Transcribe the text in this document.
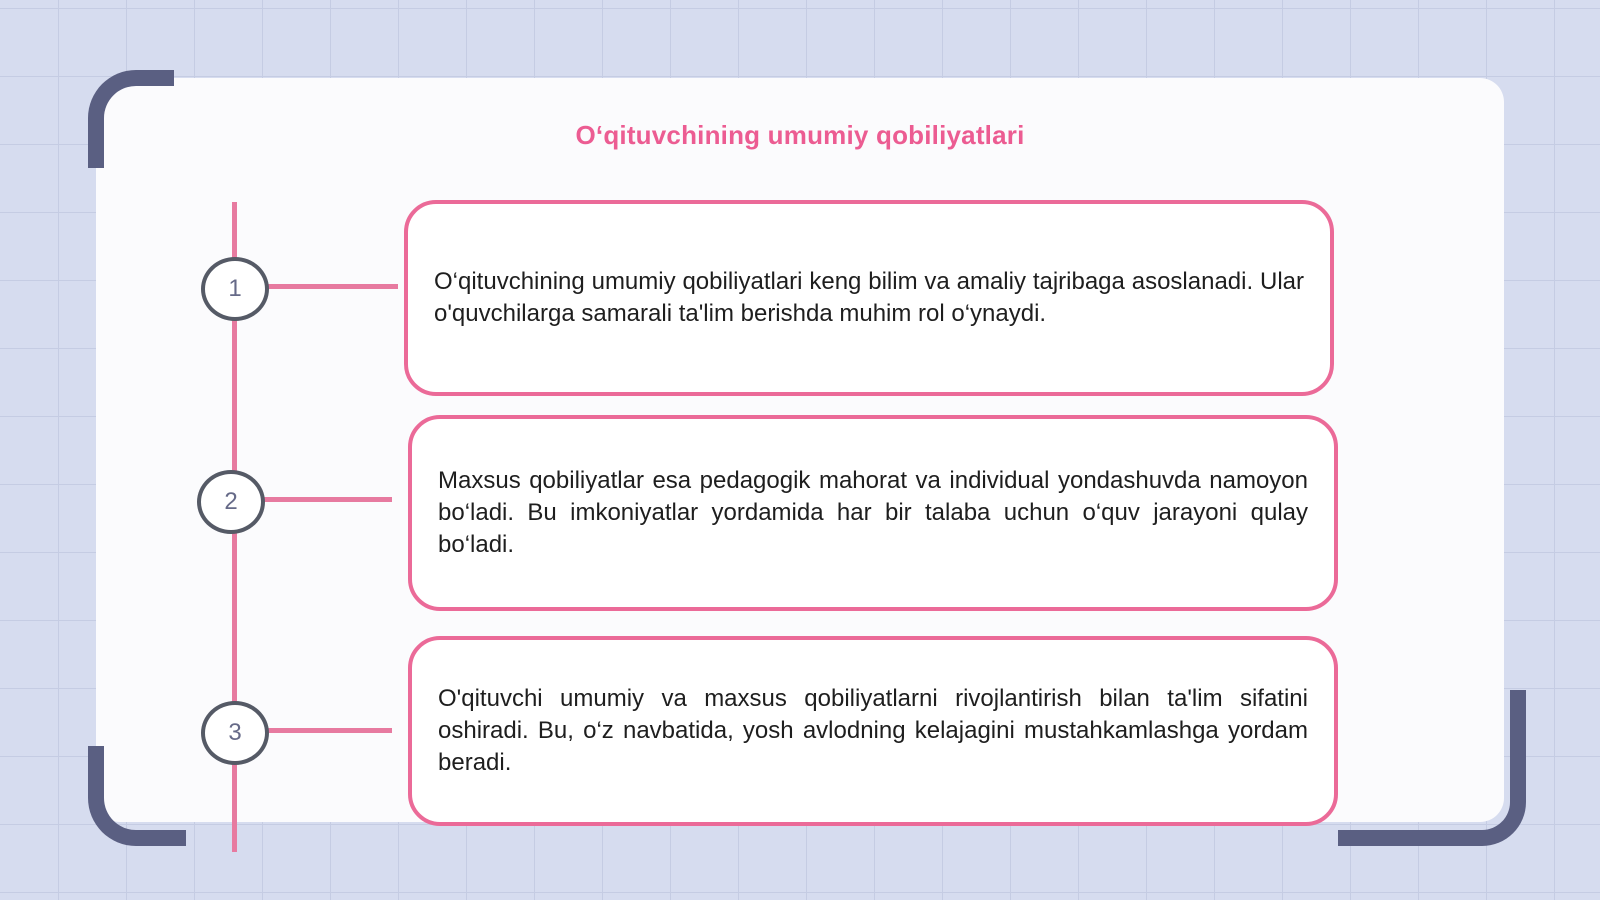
O‘qituvchining umumiy qobiliyatlari
1
2
3
O‘qituvchining umumiy qobiliyatlari keng bilim va amaliy tajribaga asoslanadi. Ular o'quvchilarga samarali ta'lim berishda muhim rol o‘ynaydi.
Maxsus qobiliyatlar esa pedagogik mahorat va individual yondashuvda namoyon bo‘ladi. Bu imkoniyatlar yordamida har bir talaba uchun o‘quv jarayoni qulay bo‘ladi.
O'qituvchi umumiy va maxsus qobiliyatlarni rivojlantirish bilan ta'lim sifatini oshiradi. Bu, o‘z navbatida, yosh avlodning kelajagini mustahkamlashga yordam beradi.
